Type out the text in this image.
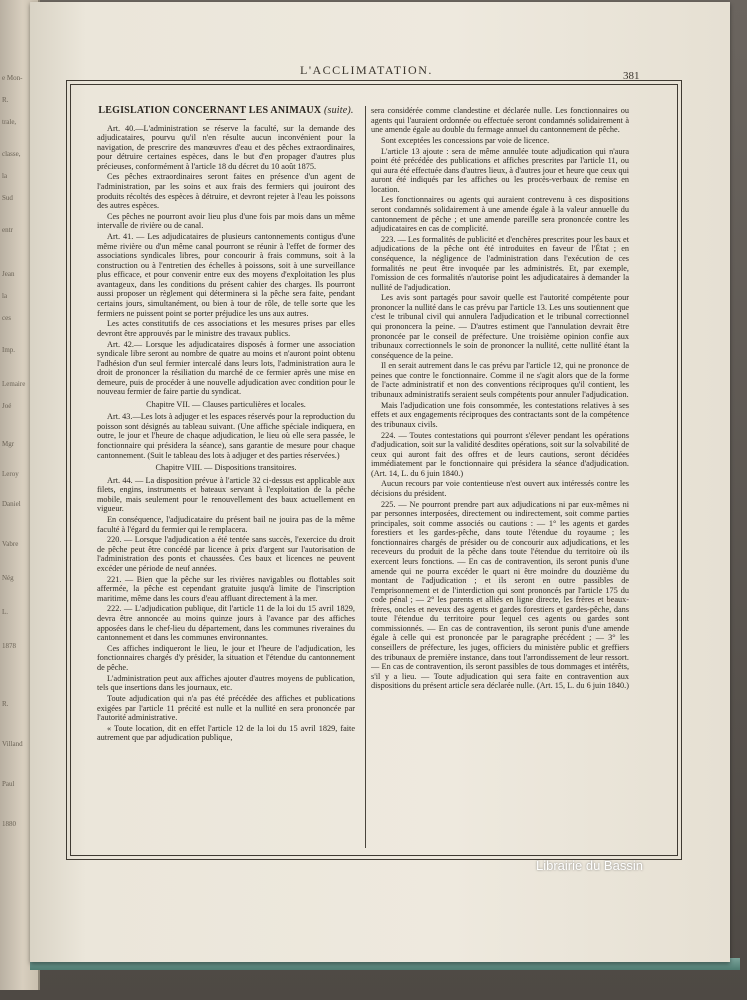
e Mon-
R.
trale,
classe,
la
Sud
entr
Jean
la
ces
Imp.
Lemaire
Joé
Mgr
Leroy
Daniel
Vabre
Nég
L.
1878
R.
Villand
Paul
1880
L'ACCLIMATATION.	381
LÉGISLATION CONCERNANT LES ANIMAUX (suite).

Art. 40.—L'administration se réserve la faculté, sur la demande des adjudicataires, pourvu qu'il n'en résulte aucun inconvénient pour la navigation, de prescrire des manœuvres d'eau et des pêches extraordinaires, pour détruire certaines espèces, dans le but d'en propager d'autres plus précieuses, conformément à l'article 18 du décret du 10 août 1875.

Ces pêches extraordinaires seront faites en présence d'un agent de l'administration, par les soins et aux frais des fermiers qui jouiront des produits récoltés des espèces à détruire, et devront rejeter à l'eau les poissons des autres espèces.

Ces pêches ne pourront avoir lieu plus d'une fois par mois dans un même intervalle de rivière ou de canal.

Art. 41. — Les adjudicataires de plusieurs cantonnements contigus d'une même rivière ou d'un même canal pourront se réunir à l'effet de former des associations syndicales libres, pour concourir à frais communs, soit à la construction ou à l'entretien des échelles à poissons, soit à une surveillance plus efficace, et pour convenir entre eux des moyens d'exploitation les plus avantageux, dans les conditions du présent cahier des charges. Ils pourront aussi proposer un règlement qui déterminera si la pêche sera faite, pendant certains jours, simultanément, ou bien à tour de rôle, de telle sorte que les fermiers ne puissent point se porter préjudice les uns aux autres.

Les actes constitutifs de ces associations et les mesures prises par elles devront être approuvés par le ministre des travaux publics.

Art. 42.— Lorsque les adjudicataires disposés à former une association syndicale libre seront au nombre de quatre au moins et n'auront point obtenu l'adhésion d'un seul fermier intercalé dans leurs lots, l'administration aura le droit de prononcer la résiliation du marché de ce fermier après une mise en demeure, puis de procéder à une nouvelle adjudication avec condition pour le nouveau fermier de faire partie du syndicat.

Chapitre VII. — Clauses particulières et locales.

Art. 43.—Les lots à adjuger et les espaces réservés pour la reproduction du poisson sont désignés au tableau suivant. (Une affiche spéciale indiquera, en outre, le jour et l'heure de chaque adjudication, le lieu où elle sera passée, le fonctionnaire qui présidera la séance), sans garantie de mesure pour chaque cantonnement. (Suit le tableau des lots à adjuger et des parties réservées.)

Chapitre VIII. — Dispositions transitoires.

Art. 44. — La disposition prévue à l'article 32 ci-dessus est applicable aux filets, engins, instruments et bateaux servant à l'exploitation de la pêche mobile, mais seulement pour le renouvellement des baux actuellement en vigueur.

En conséquence, l'adjudicataire du présent bail ne jouira pas de la même faculté à l'égard du fermier qui le remplacera.

220. — Lorsque l'adjudication a été tentée sans succès, l'exercice du droit de pêche peut être concédé par licence à prix d'argent sur l'autorisation de l'administration des ponts et chaussées. Ces baux et licences ne peuvent excéder une période de neuf années.

221. — Bien que la pêche sur les rivières navigables ou flottables soit affermée, la pêche est cependant gratuite jusqu'à limite de l'inscription maritime, même dans les cours d'eau affluant directement à la mer.

222. — L'adjudication publique, dit l'article 11 de la loi du 15 avril 1829, devra être annoncée au moins quinze jours à l'avance par des affiches apposées dans le chef-lieu du département, dans les communes riveraines du cantonnement et dans les communes environnantes.

Ces affiches indiqueront le lieu, le jour et l'heure de l'adjudication, les fonctionnaires chargés d'y présider, la situation et l'étendue du cantonnement de pêche.

L'administration peut aux affiches ajouter d'autres moyens de publication, tels que insertions dans les journaux, etc.

Toute adjudication qui n'a pas été précédée des affiches et publications exigées par l'article 11 précité est nulle et la nullité en sera prononcée par l'autorité administrative.

« Toute location, dit en effet l'article 12 de la loi du 15 avril 1829, faite autrement que par adjudication publique,

sera considérée comme clandestine et déclarée nulle. Les fonctionnaires ou agents qui l'auraient ordonnée ou effectuée seront condamnés solidairement à une amende égale au double du fermage annuel du cantonnement de pêche.

Sont exceptées les concessions par voie de licence.

L'article 13 ajoute : sera de même annulée toute adjudication qui n'aura point été précédée des publications et affiches prescrites par l'article 11, ou qui aura été effectuée dans d'autres lieux, à d'autres jour et heure que ceux qui auront été indiqués par les affiches ou les procès-verbaux de remise en location.

Les fonctionnaires ou agents qui auraient contrevenu à ces dispositions seront condamnés solidairement à une amende égale à la valeur annuelle du cantonnement de pêche ; et une amende pareille sera prononcée contre les adjudicataires en cas de complicité.

223. — Les formalités de publicité et d'enchères prescrites pour les baux et adjudications de la pêche ont été introduites en faveur de l'État ; en conséquence, la négligence de l'administration dans l'exécution de ces formalités ne peut être invoquée par les administrés. Et, par exemple, l'omission de ces formalités n'autorise point les adjudicataires à demander la nullité de l'adjudication.

Les avis sont partagés pour savoir quelle est l'autorité compétente pour prononcer la nullité dans le cas prévu par l'article 13. Les uns soutiennent que c'est le tribunal civil qui annulera l'adjudication et le tribunal correctionnel qui prononcera la peine. — D'autres estiment que l'annulation devrait être prononcée par le conseil de préfecture. Une troisième opinion confie aux tribunaux correctionnels le soin de prononcer la nullité, cette nullité étant la conséquence de la peine.

Il en serait autrement dans le cas prévu par l'article 12, qui ne prononce de peines que contre le fonctionnaire. Comme il ne s'agit alors que de la forme de l'acte administratif et non des conventions réciproques qu'il contient, les tribunaux administratifs seraient seuls compétents pour annuler l'adjudication.

Mais l'adjudication une fois consommée, les contestations relatives à ses effets et aux engagements réciproques des contractants sont de la compétence des tribunaux civils.

224. — Toutes contestations qui pourront s'élever pendant les opérations d'adjudication, soit sur la validité desdites opérations, soit sur la solvabilité de ceux qui auront fait des offres et de leurs cautions, seront décidées immédiatement par le fonctionnaire qui présidera la séance d'adjudication. (Art. 14, L. du 6 juin 1840.)

Aucun recours par voie contentieuse n'est ouvert aux intéressés contre les décisions du président.

225. — Ne pourront prendre part aux adjudications ni par eux-mêmes ni par personnes interposées, directement ou indirectement, soit comme parties principales, soit comme associés ou cautions : — 1° les agents et gardes forestiers et les gardes-pêche, dans toute l'étendue du royaume ; les fonctionnaires chargés de présider ou de concourir aux adjudications, et les receveurs du produit de la pêche dans toute l'étendue du territoire où ils exercent leurs fonctions. — En cas de contravention, ils seront punis d'une amende qui ne pourra excéder le quart ni être moindre du douzième du montant de l'adjudication ; et ils seront en outre passibles de l'emprisonnement et de l'interdiction qui sont prononcés par l'article 175 du code pénal ; — 2° les parents et alliés en ligne directe, les frères et beaux-frères, oncles et neveux des agents et gardes forestiers et gardes-pêche, dans toute l'étendue du territoire pour lequel ces agents ou gardes sont commissionnés. — En cas de contravention, ils seront punis d'une amende égale à celle qui est prononcée par le paragraphe précédent ; — 3° les conseillers de préfecture, les juges, officiers du ministère public et greffiers des tribunaux de première instance, dans tout l'arrondissement de leur ressort. — En cas de contravention, ils seront passibles de tous dommages et intérêts, s'il y a lieu. — Toute adjudication qui sera faite en contravention aux dispositions du présent article sera déclarée nulle. (Art. 15, L. du 6 juin 1840.)

Librairie du Bassin
